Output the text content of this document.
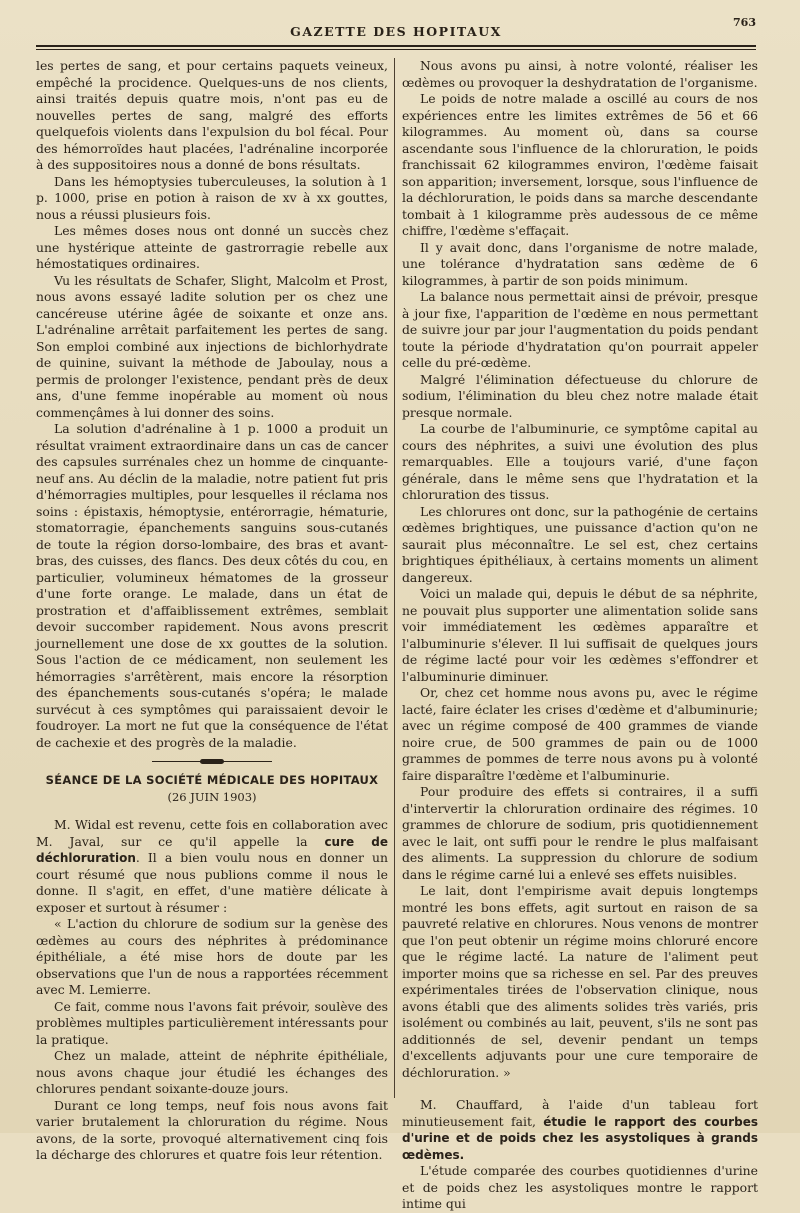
GAZETTE DES HOPITAUX
763

les pertes de sang, et pour certains paquets veineux, empêché la procidence. Quelques-uns de nos clients, ainsi traités depuis quatre mois, n'ont pas eu de nouvelles pertes de sang, malgré des efforts quelquefois violents dans l'expulsion du bol fécal. Pour des hémorroïdes haut placées, l'adrénaline incorporée à des suppositoires nous a donné de bons résultats.

Dans les hémoptysies tuberculeuses, la solution à 1 p. 1000, prise en potion à raison de xv à xx gouttes, nous a réussi plusieurs fois.

Les mêmes doses nous ont donné un succès chez une hystérique atteinte de gastrorragie rebelle aux hémostatiques ordinaires.

Vu les résultats de Schafer, Slight, Malcolm et Prost, nous avons essayé ladite solution per os chez une cancéreuse utérine âgée de soixante et onze ans. L'adrénaline arrêtait parfaitement les pertes de sang. Son emploi combiné aux injections de bichlorhydrate de quinine, suivant la méthode de Jaboulay, nous a permis de prolonger l'existence, pendant près de deux ans, d'une femme inopérable au moment où nous commençâmes à lui donner des soins.

La solution d'adrénaline à 1 p. 1000 a produit un résultat vraiment extraordinaire dans un cas de cancer des capsules surrénales chez un homme de cinquante-neuf ans. Au déclin de la maladie, notre patient fut pris d'hémorragies multiples, pour lesquelles il réclama nos soins : épistaxis, hémoptysie, entérorragie, hématurie, stomatorragie, épanchements sanguins sous-cutanés de toute la région dorso-lombaire, des bras et avant-bras, des cuisses, des flancs. Des deux côtés du cou, en particulier, volumineux hématomes de la grosseur d'une forte orange. Le malade, dans un état de prostration et d'affaiblissement extrêmes, semblait devoir succomber rapidement. Nous avons prescrit journellement une dose de xx gouttes de la solution. Sous l'action de ce médicament, non seulement les hémorragies s'arrêtèrent, mais encore la résorption des épanchements sous-cutanés s'opéra; le malade survécut à ces symptômes qui paraissaient devoir le foudroyer. La mort ne fut que la conséquence de l'état de cachexie et des progrès de la maladie.

SÉANCE DE LA SOCIÉTÉ MÉDICALE DES HOPITAUX
(26 JUIN 1903)

M. Widal est revenu, cette fois en collaboration avec M. Javal, sur ce qu'il appelle la cure de déchloruration. Il a bien voulu nous en donner un court résumé que nous publions comme il nous le donne. Il s'agit, en effet, d'une matière délicate à exposer et surtout à résumer :

« L'action du chlorure de sodium sur la genèse des œdèmes au cours des néphrites à prédominance épithéliale, a été mise hors de doute par les observations que l'un de nous a rapportées récemment avec M. Lemierre.

Ce fait, comme nous l'avons fait prévoir, soulève des problèmes multiples particulièrement intéressants pour la pratique.

Chez un malade, atteint de néphrite épithéliale, nous avons chaque jour étudié les échanges des chlorures pendant soixante-douze jours.

Durant ce long temps, neuf fois nous avons fait varier brutalement la chloruration du régime. Nous avons, de la sorte, provoqué alternativement cinq fois la décharge des chlorures et quatre fois leur rétention.

Nous avons pu ainsi, à notre volonté, réaliser les œdèmes ou provoquer la deshydratation de l'organisme.

Le poids de notre malade a oscillé au cours de nos expériences entre les limites extrêmes de 56 et 66 kilogrammes. Au moment où, dans sa course ascendante sous l'influence de la chloruration, le poids franchissait 62 kilogrammes environ, l'œdème faisait son apparition; inversement, lorsque, sous l'influence de la déchloruration, le poids dans sa marche descendante tombait à 1 kilogramme près audessous de ce même chiffre, l'œdème s'effaçait.

Il y avait donc, dans l'organisme de notre malade, une tolérance d'hydratation sans œdème de 6 kilogrammes, à partir de son poids minimum.

La balance nous permettait ainsi de prévoir, presque à jour fixe, l'apparition de l'œdème en nous permettant de suivre jour par jour l'augmentation du poids pendant toute la période d'hydratation qu'on pourrait appeler celle du pré-œdème.

Malgré l'élimination défectueuse du chlorure de sodium, l'élimination du bleu chez notre malade était presque normale.

La courbe de l'albuminurie, ce symptôme capital au cours des néphrites, a suivi une évolution des plus remarquables. Elle a toujours varié, d'une façon générale, dans le même sens que l'hydratation et la chloruration des tissus.

Les chlorures ont donc, sur la pathogénie de certains œdèmes brightiques, une puissance d'action qu'on ne saurait plus méconnaître. Le sel est, chez certains brightiques épithéliaux, à certains moments un aliment dangereux.

Voici un malade qui, depuis le début de sa néphrite, ne pouvait plus supporter une alimentation solide sans voir immédiatement les œdèmes apparaître et l'albuminurie s'élever. Il lui suffisait de quelques jours de régime lacté pour voir les œdèmes s'effondrer et l'albuminurie diminuer.

Or, chez cet homme nous avons pu, avec le régime lacté, faire éclater les crises d'œdème et d'albuminurie; avec un régime composé de 400 grammes de viande noire crue, de 500 grammes de pain ou de 1000 grammes de pommes de terre nous avons pu à volonté faire disparaître l'œdème et l'albuminurie.

Pour produire des effets si contraires, il a suffi d'intervertir la chloruration ordinaire des régimes. 10 grammes de chlorure de sodium, pris quotidiennement avec le lait, ont suffi pour le rendre le plus malfaisant des aliments. La suppression du chlorure de sodium dans le régime carné lui a enlevé ses effets nuisibles.

Le lait, dont l'empirisme avait depuis longtemps montré les bons effets, agit surtout en raison de sa pauvreté relative en chlorures. Nous venons de montrer que l'on peut obtenir un régime moins chloruré encore que le régime lacté. La nature de l'aliment peut importer moins que sa richesse en sel. Par des preuves expérimentales tirées de l'observation clinique, nous avons établi que des aliments solides très variés, pris isolément ou combinés au lait, peuvent, s'ils ne sont pas additionnés de sel, devenir pendant un temps d'excellents adjuvants pour une cure temporaire de déchloruration. »

M. Chauffard, à l'aide d'un tableau fort minutieusement fait, étudie le rapport des courbes d'urine et de poids chez les asystoliques à grands œdèmes.

L'étude comparée des courbes quotidiennes d'urine et de poids chez les asystoliques montre le rapport intime qui
